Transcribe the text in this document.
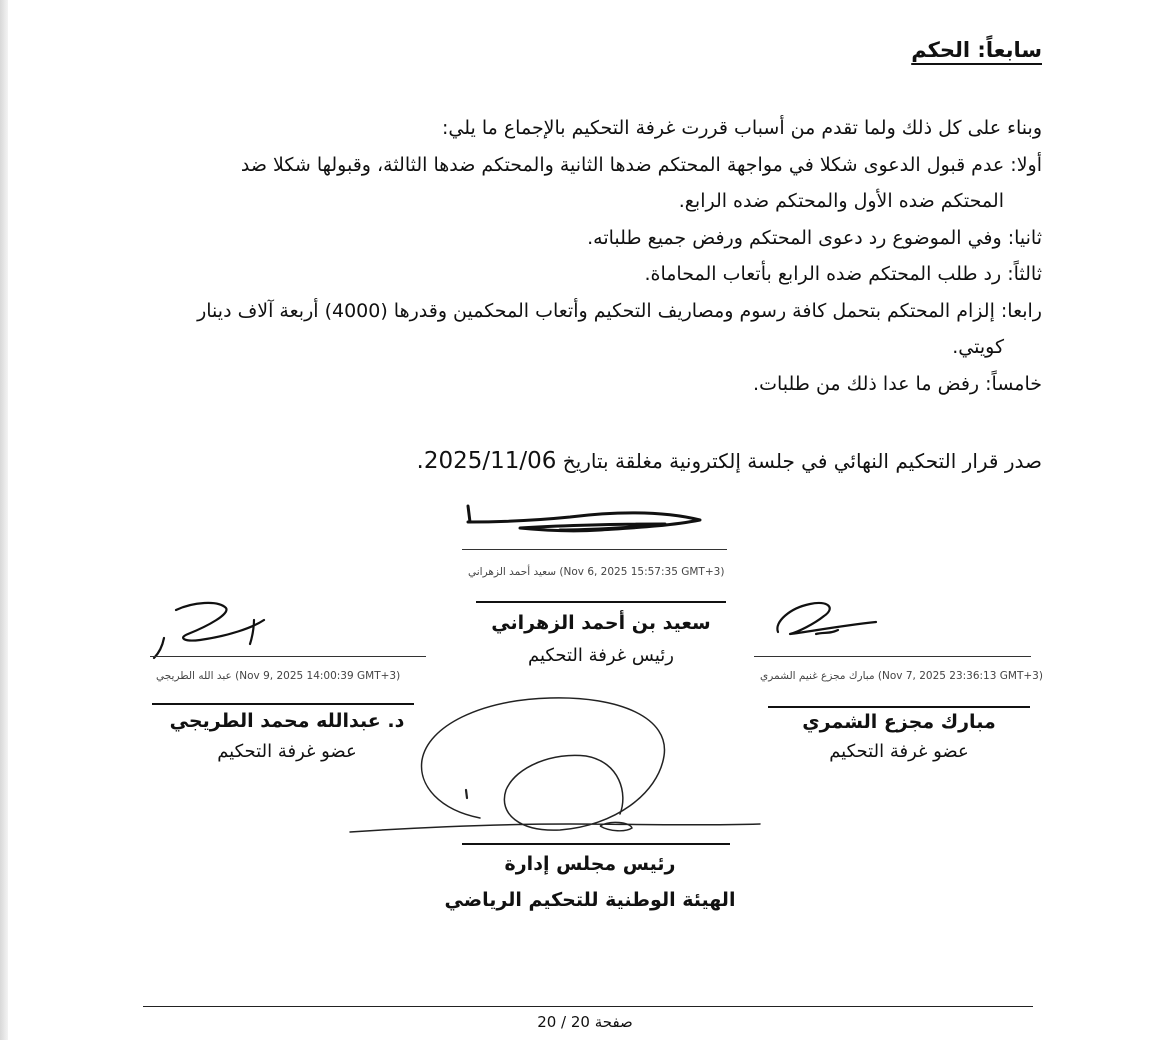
سابعاً: الحكم

وبناء على كل ذلك ولما تقدم من أسباب قررت غرفة التحكيم بالإجماع ما يلي:

أولا: عدم قبول الدعوى شكلا في مواجهة المحتكم ضدها الثانية والمحتكم ضدها الثالثة، وقبولها شكلا ضد

المحتكم ضده الأول والمحتكم ضده الرابع.

ثانيا: وفي الموضوع رد دعوى المحتكم ورفض جميع طلباته.

ثالثاً: رد طلب المحتكم ضده الرابع بأتعاب المحاماة.

رابعا: إلزام المحتكم بتحمل كافة رسوم ومصاريف التحكيم وأتعاب المحكمين وقدرها (4000) أربعة آلاف دينار

كويتي.

خامساً: رفض ما عدا ذلك من طلبات.

صدر قرار التحكيم النهائي في جلسة إلكترونية مغلقة بتاريخ 2025/11/06.
(Nov 6, 2025 15:57:35 GMT+3) سعيد أحمد الزهراني
سعيد بن أحمد الزهراني
رئيس غرفة التحكيم
(Nov 9, 2025 14:00:39 GMT+3) عبد الله الطريجي
د. عبدالله محمد الطريجي
عضو غرفة التحكيم
(Nov 7, 2025 23:36:13 GMT+3) مبارك مجزع غنيم الشمري
مبارك مجزع الشمري
عضو غرفة التحكيم
رئيس مجلس إدارة
الهيئة الوطنية للتحكيم الرياضي
صفحة 20 / 20
